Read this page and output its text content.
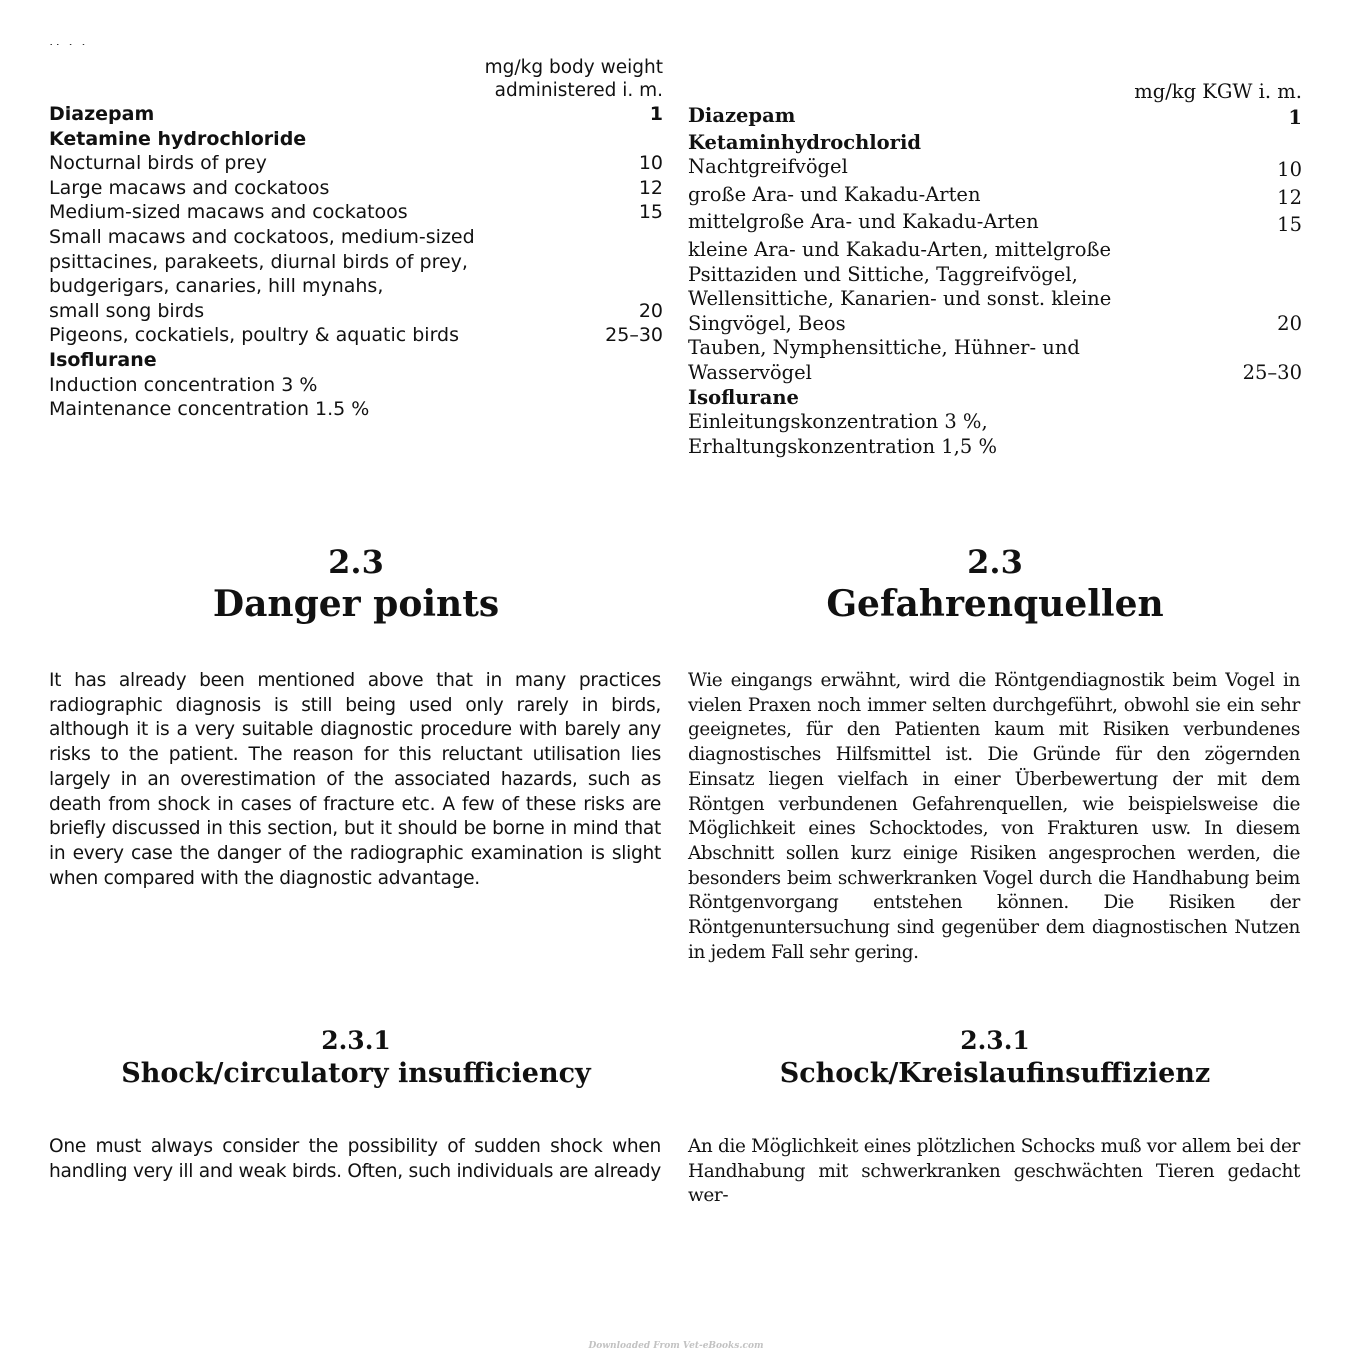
·· · ·
mg/kg body weight
administered i. m.
Diazepam	1
Ketamine hydrochloride
Nocturnal birds of prey	10
Large macaws and cockatoos	12
Medium-sized macaws and cockatoos	15
Small macaws and cockatoos, medium-sized
psittacines, parakeets, diurnal birds of prey,
budgerigars, canaries, hill mynahs,
small song birds	20
Pigeons, cockatiels, poultry & aquatic birds	25–30
Isoflurane
Induction concentration 3 %
Maintenance concentration 1.5 %
mg/kg KGW i. m.
Diazepam	1
Ketaminhydrochlorid
Nachtgreifvögel	10
große Ara- und Kakadu-Arten	12
mittelgroße Ara- und Kakadu-Arten	15
kleine Ara- und Kakadu-Arten, mittelgroße
Psittaziden und Sittiche, Taggreifvögel,
Wellensittiche, Kanarien- und sonst. kleine
Singvögel, Beos	20
Tauben, Nymphensittiche, Hühner- und
Wasservögel	25–30
Isoflurane
Einleitungskonzentration 3 %,
Erhaltungskonzentration 1,5 %
2.3
Danger points
2.3
Gefahrenquellen
It has already been mentioned above that in many practices radiographic diagnosis is still being used only rarely in birds, although it is a very suitable diagnostic procedure with barely any risks to the patient. The reason for this reluctant utilisation lies largely in an overestimation of the associated hazards, such as death from shock in cases of fracture etc. A few of these risks are briefly discussed in this section, but it should be borne in mind that in every case the danger of the radiographic examination is slight when compared with the diagnostic advantage.
Wie eingangs erwähnt, wird die Röntgendiagnostik beim Vogel in vielen Praxen noch immer selten durchgeführt, obwohl sie ein sehr geeignetes, für den Patienten kaum mit Risiken verbundenes diagnostisches Hilfsmittel ist. Die Gründe für den zögernden Einsatz liegen vielfach in einer Überbewertung der mit dem Röntgen verbundenen Gefahrenquellen, wie beispielsweise die Möglichkeit eines Schocktodes, von Frakturen usw. In diesem Abschnitt sollen kurz einige Risiken angesprochen werden, die besonders beim schwerkranken Vogel durch die Handhabung beim Röntgenvorgang entstehen können. Die Risiken der Röntgenuntersuchung sind gegenüber dem diagnostischen Nutzen in jedem Fall sehr gering.
2.3.1
Shock/circulatory insufficiency
2.3.1
Schock/Kreislaufinsuffizienz
One must always consider the possibility of sudden shock when handling very ill and weak birds. Often, such individuals are already
An die Möglichkeit eines plötzlichen Schocks muß vor allem bei der Handhabung mit schwerkranken geschwächten Tieren gedacht wer-
Downloaded From Vet-eBooks.com
